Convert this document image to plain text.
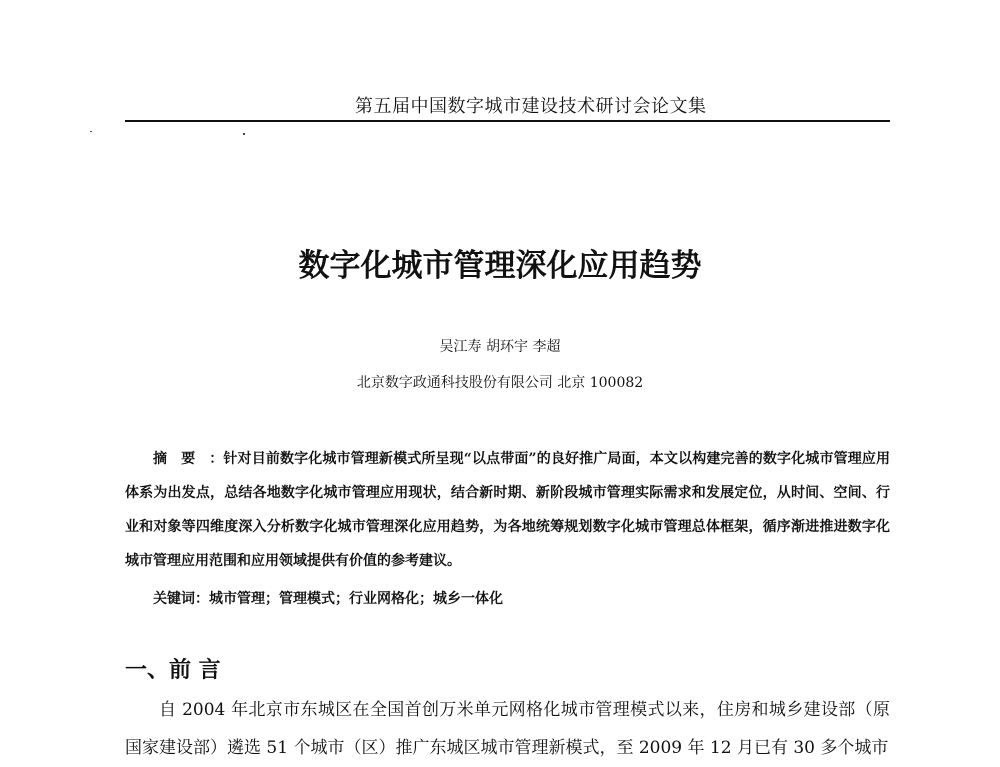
第五届中国数字城市建设技术研讨会论文集
数字化城市管理深化应用趋势
吴江寿 胡环宇 李超
北京数字政通科技股份有限公司 北京 100082

摘要：针对目前数字化城市管理新模式所呈现“以点带面”的良好推广局面，本文以构建完善的数字化城市管理应用体系为出发点，总结各地数字化城市管理应用现状，结合新时期、新阶段城市管理实际需求和发展定位，从时间、空间、行业和对象等四维度深入分析数字化城市管理深化应用趋势，为各地统筹规划数字化城市管理总体框架，循序渐进推进数字化城市管理应用范围和应用领域提供有价值的参考建议。

关键词：城市管理；管理模式；行业网格化；城乡一体化
一、前 言

自 2004 年北京市东城区在全国首创万米单元网格化城市管理模式以来，住房和城乡建设部（原国家建设部）遴选 51 个城市（区）推广东城区城市管理新模式，至 2009 年 12 月已有 30 多个城市
